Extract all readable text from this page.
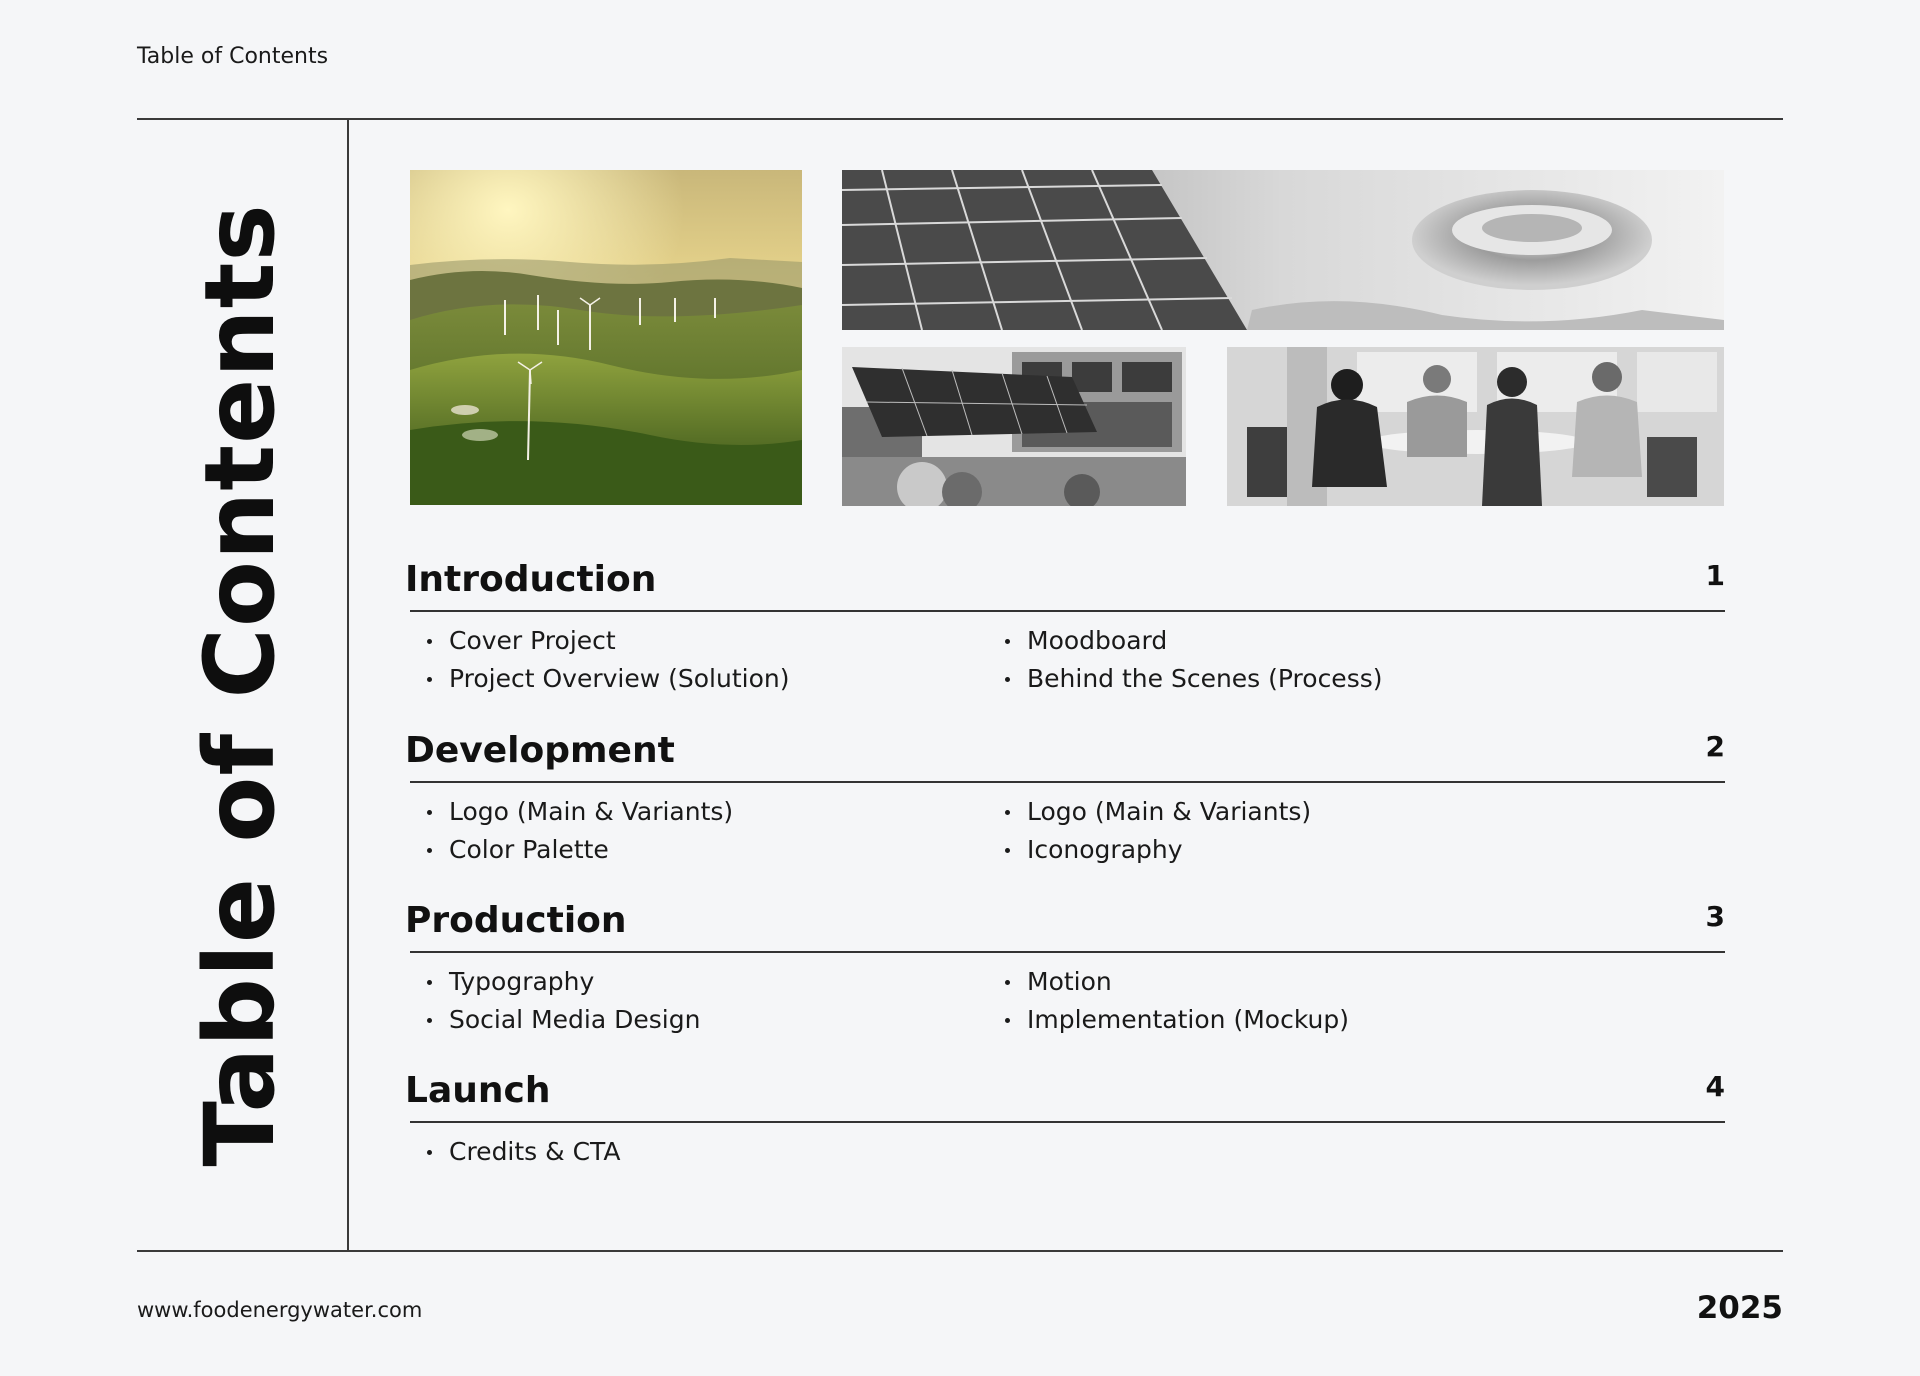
Table of Contents
Table of Contents	Introduction	1
Cover Project
Project Overview (Solution)
Moodboard
Behind the Scenes (Process)
Development	2
Logo (Main & Variants)
Color Palette
Logo (Main & Variants)
Iconography
Production	3
Typography
Social Media Design
Motion
Implementation (Mockup)
Launch	4
Credits & CTA
www.foodenergywater.com	2025
